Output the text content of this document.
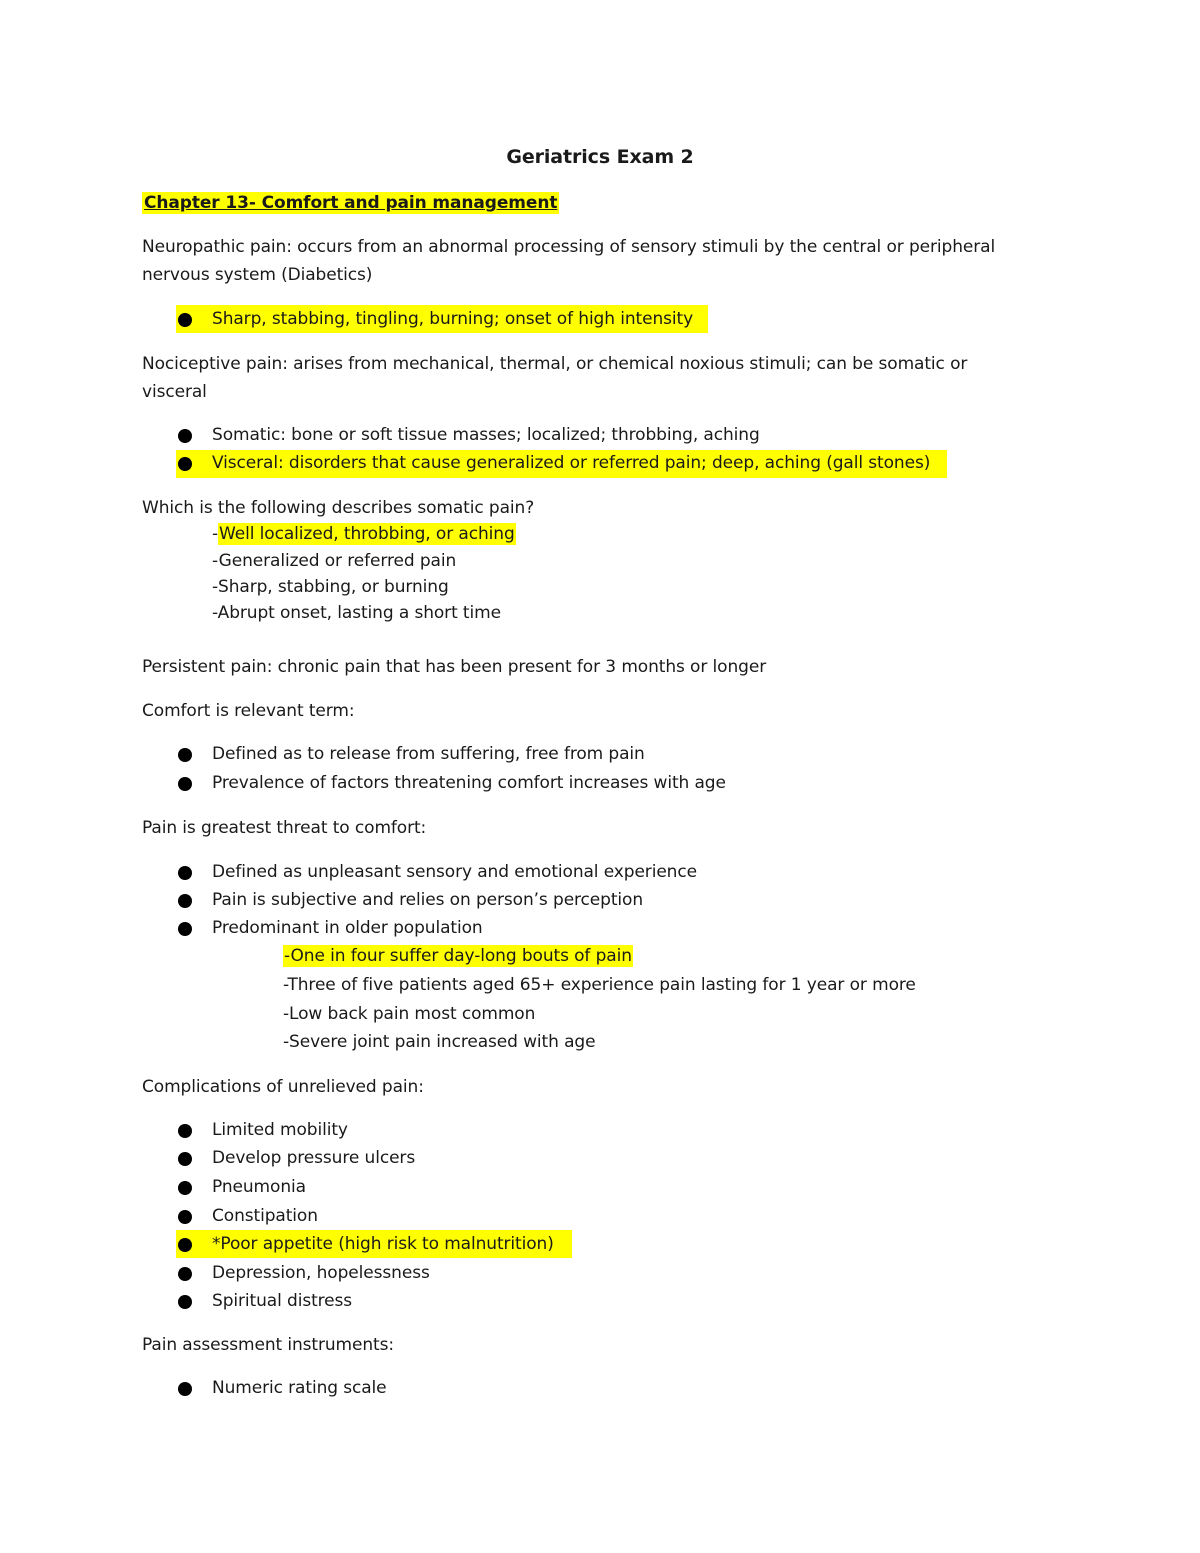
Geriatrics Exam 2
Chapter 13- Comfort and pain management
Neuropathic pain: occurs from an abnormal processing of sensory stimuli by the central or peripheral
nervous system (Diabetics)
Sharp, stabbing, tingling, burning; onset of high intensity
Nociceptive pain: arises from mechanical, thermal, or chemical noxious stimuli; can be somatic or
visceral
Somatic: bone or soft tissue masses; localized; throbbing, aching
Visceral: disorders that cause generalized or referred pain; deep, aching (gall stones)
Which is the following describes somatic pain?
-Well localized, throbbing, or aching
-Generalized or referred pain
-Sharp, stabbing, or burning
-Abrupt onset, lasting a short time
Persistent pain: chronic pain that has been present for 3 months or longer
Comfort is relevant term:
Defined as to release from suffering, free from pain
Prevalence of factors threatening comfort increases with age
Pain is greatest threat to comfort:
Defined as unpleasant sensory and emotional experience
Pain is subjective and relies on person’s perception
Predominant in older population
-One in four suffer day-long bouts of pain
-Three of five patients aged 65+ experience pain lasting for 1 year or more
-Low back pain most common
-Severe joint pain increased with age
Complications of unrelieved pain:
Limited mobility
Develop pressure ulcers
Pneumonia
Constipation
*Poor appetite (high risk to malnutrition)
Depression, hopelessness
Spiritual distress
Pain assessment instruments:
Numeric rating scale
